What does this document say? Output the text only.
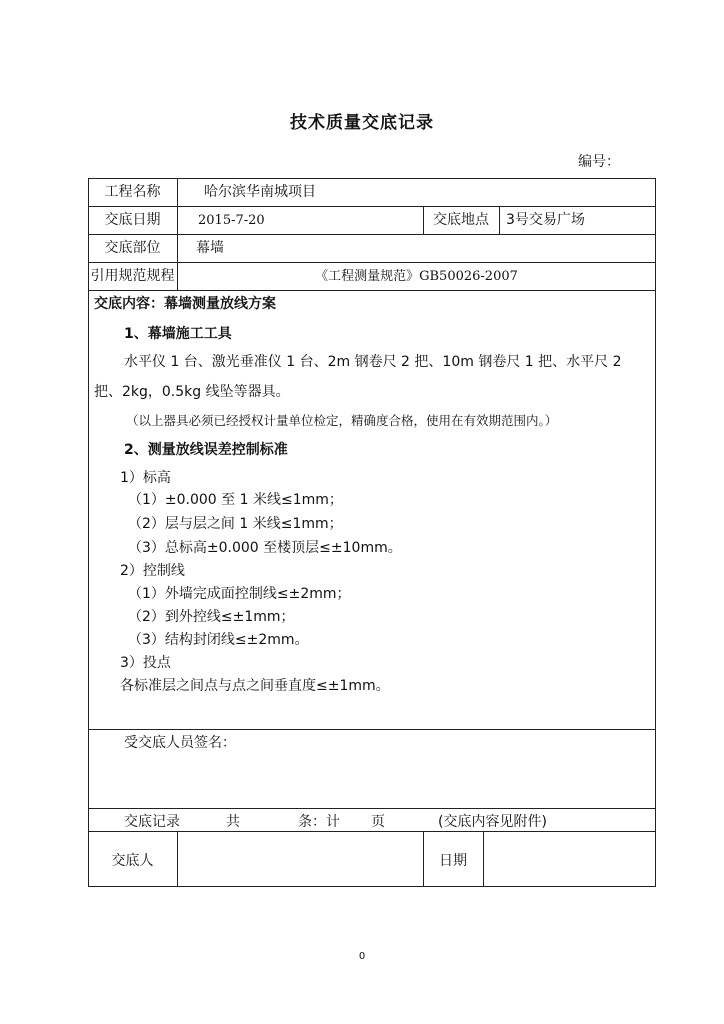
技术质量交底记录
编号：
工程名称	哈尔滨华南城项目
交底日期	2015-7-20	交底地点	3号交易广场
交底部位	幕墙
引用规范规程	《工程测量规范》GB50026-2007
交底内容：幕墙测量放线方案
1、幕墙施工工具
水平仪 1 台、激光垂准仪 1 台、2m 钢卷尺 2 把、10m 钢卷尺 1 把、水平尺 2
把、2kg，0.5kg 线坠等器具。
（以上器具必须已经授权计量单位检定，精确度合格，使用在有效期范围内。）
2、测量放线误差控制标准
1）标高
（1）±0.000 至 1 米线≤1mm；
（2）层与层之间 1 米线≤1mm；
（3）总标高±0.000 至楼顶层≤±10mm。
2）控制线
（1）外墙完成面控制线≤±2mm；
（2）到外控线≤±1mm；
（3）结构封闭线≤±2mm。
3）投点
各标准层之间点与点之间垂直度≤±1mm。
受交底人员签名：
交底记录	共	条：计 页	(交底内容见附件)
交底人	日期
0
